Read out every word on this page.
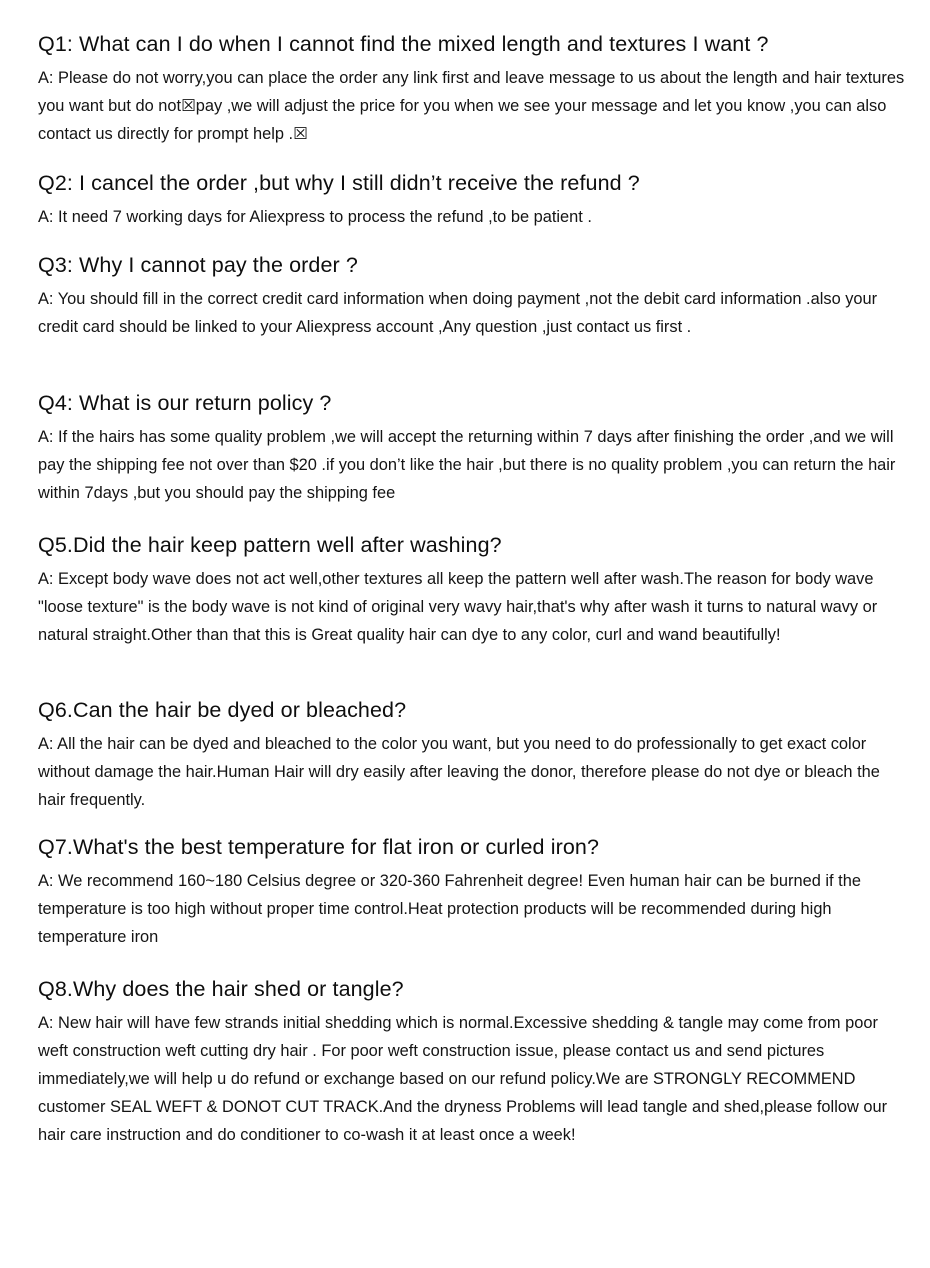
Q1: What can I do when I cannot find the mixed length and textures I want ?

A: Please do not worry,you can place the order any link first and leave message to us about the length and hair textures you want but do not☒pay ,we will adjust the price for you when we see your message and let you know ,you can also contact us directly for prompt help .☒

Q2: I cancel the order ,but why I still didn’t receive the refund ?

A: It need 7 working days for Aliexpress to process the refund ,to be patient .

Q3: Why I cannot pay the order ?

A: You should fill in the correct credit card information when doing payment ,not the debit card information .also your credit card should be linked to your Aliexpress account ,Any question ,just contact us first .

Q4: What is our return policy ?

A: If the hairs has some quality problem ,we will accept the returning within 7 days after finishing the order ,and we will pay the shipping fee not over than $20 .if you don’t like the hair ,but there is no quality problem ,you can return the hair within 7days ,but you should pay the shipping fee

Q5.Did the hair keep pattern well after washing?

A: Except body wave does not act well,other textures all keep the pattern well after wash.The reason for body wave "loose texture" is the body wave is not kind of original very wavy hair,that's why after wash it turns to natural wavy or natural straight.Other than that this is Great quality hair can dye to any color, curl and wand beautifully!

Q6.Can the hair be dyed or bleached?

A: All the hair can be dyed and bleached to the color you want, but you need to do professionally to get exact color without damage the hair.Human Hair will dry easily after leaving the donor, therefore please do not dye or bleach the hair frequently.

Q7.What's the best temperature for flat iron or curled iron?

A: We recommend 160~180 Celsius degree or 320-360 Fahrenheit degree! Even human hair can be burned if the temperature is too high without proper time control.Heat protection products will be recommended during high temperature iron

Q8.Why does the hair shed or tangle?

A: New hair will have few strands initial shedding which is normal.Excessive shedding & tangle may come from poor weft construction weft cutting dry hair . For poor weft construction issue, please contact us and send pictures immediately,we will help u do refund or exchange based on our refund policy.We are STRONGLY RECOMMEND customer SEAL WEFT & DONOT CUT TRACK.And the dryness Problems will lead tangle and shed,please follow our hair care instruction and do conditioner to co-wash it at least once a week!
